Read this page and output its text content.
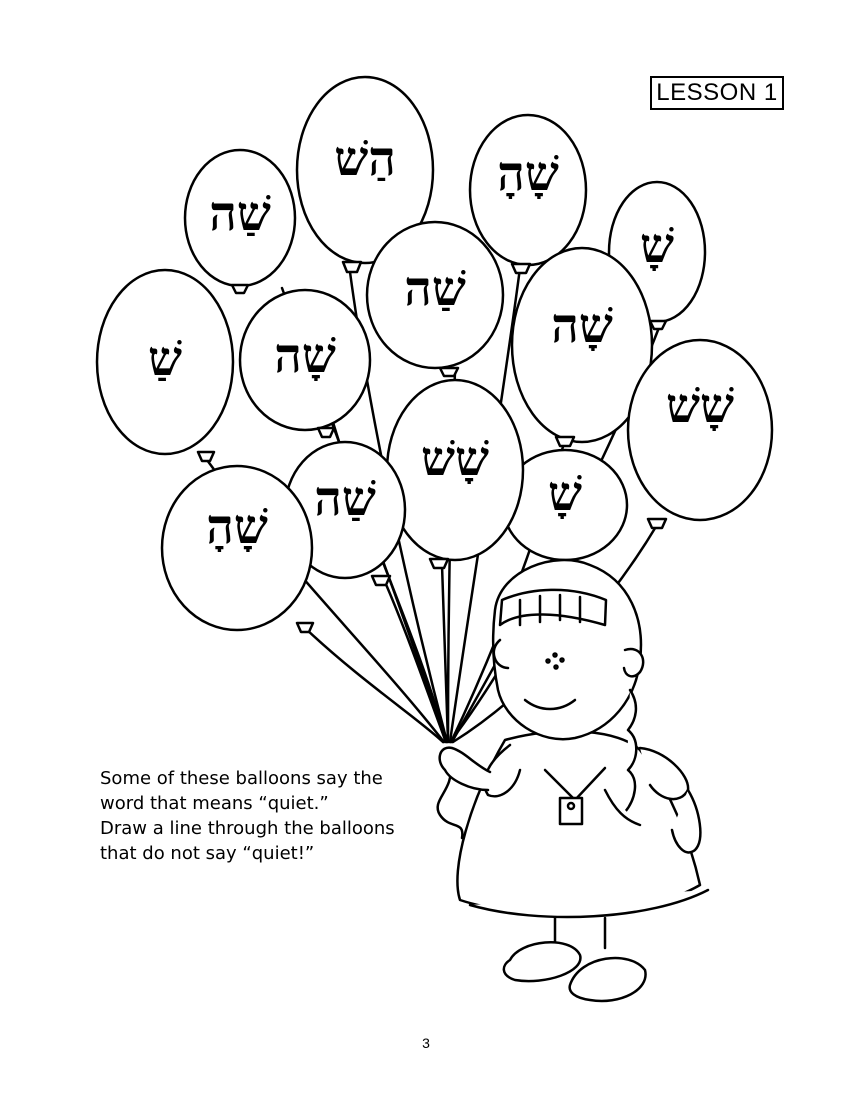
שַׁה
הַשׁ שָׁהָ
שָׁ
שַׁ שָׁה
שַׁה
שָׁה
שָׁשׁ
שָׁהָ שַׁה
שָׁשׁ
שָׁ
LESSON 1
Some of these balloons say the
word that means “quiet.”
Draw a line through the balloons
that do not say “quiet!”
3
